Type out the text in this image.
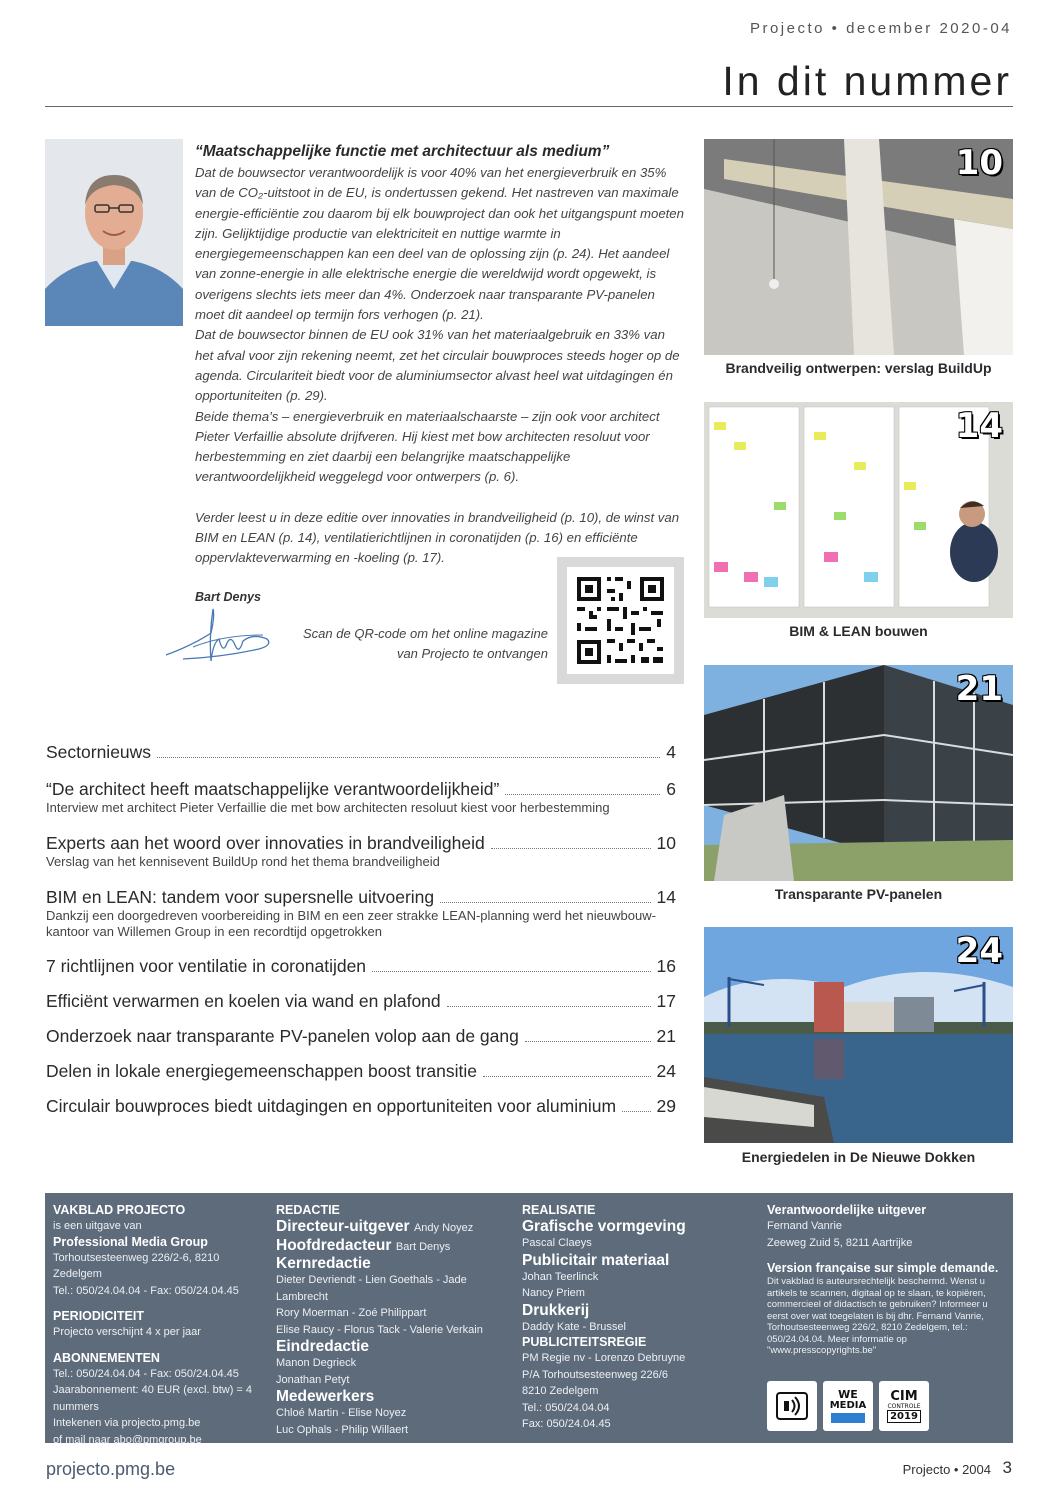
Projecto • december 2020-04
In dit nummer
“Maatschappelijke functie met architectuur als medium”

Dat de bouwsector verantwoordelijk is voor 40% van het energieverbruik en 35% van de CO₂-uitstoot in de EU, is ondertussen gekend. Het nastreven van maximale energie-efficiëntie zou daarom bij elk bouwproject dan ook het uitgangspunt moeten zijn. Gelijktijdige productie van elektriciteit en nuttige warmte in energiegemeenschappen kan een deel van de oplossing zijn (p. 24). Het aandeel van zonne-energie in alle elektrische energie die wereldwijd wordt opgewekt, is overigens slechts iets meer dan 4%. Onderzoek naar transparante PV-panelen moet dit aandeel op termijn fors verhogen (p. 21).

Dat de bouwsector binnen de EU ook 31% van het materiaalgebruik en 33% van het afval voor zijn rekening neemt, zet het circulair bouwproces steeds hoger op de agenda. Circulariteit biedt voor de aluminiumsector alvast heel wat uitdagingen én opportuniteiten (p. 29).

Beide thema’s – energieverbruik en materiaalschaarste – zijn ook voor architect Pieter Verfaillie absolute drijfveren. Hij kiest met bow architecten resoluut voor herbestemming en ziet daarbij een belangrijke maatschappelijke verantwoordelijkheid weggelegd voor ontwerpers (p. 6).

Verder leest u in deze editie over innovaties in brandveiligheid (p. 10), de winst van BIM en LEAN (p. 14), ventilatierichtlijnen in coronatijden (p. 16) en efficiënte oppervlakteverwarming en -koeling (p. 17).

Bart Denys
Scan de QR-code om het online magazine van Projecto te ontvangen
10
Brandveilig ontwerpen: verslag BuildUp
14
BIM & LEAN bouwen
21
Transparante PV-panelen
24
Energiedelen in De Nieuwe Dokken
Sectornieuws	4
“De architect heeft maatschappelijke verantwoordelijkheid”	6
Interview met architect Pieter Verfaillie die met bow architecten resoluut kiest voor herbestemming
Experts aan het woord over innovaties in brandveiligheid	10
Verslag van het kennisevent BuildUp rond het thema brandveiligheid
BIM en LEAN: tandem voor supersnelle uitvoering	14
Dankzij een doorgedreven voorbereiding in BIM en een zeer strakke LEAN-planning werd het nieuwbouw-kantoor van Willemen Group in een recordtijd opgetrokken
7 richtlijnen voor ventilatie in coronatijden	16
Efficiënt verwarmen en koelen via wand en plafond	17
Onderzoek naar transparante PV-panelen volop aan de gang	21
Delen in lokale energiegemeenschappen boost transitie	24
Circulair bouwproces biedt uitdagingen en opportuniteiten voor aluminium 29
VAKBLAD PROJECTO
is een uitgave van
Professional Media Group
Torhoutsesteenweg 226/2-6, 8210 Zedelgem
Tel.: 050/24.04.04 - Fax: 050/24.04.45
PERIODICITEIT
Projecto verschijnt 4 x per jaar
ABONNEMENTEN
Tel.: 050/24.04.04 - Fax: 050/24.04.45
Jaarabonnement: 40 EUR (excl. btw) = 4 nummers
Intekenen via projecto.pmg.be
of mail naar abo@pmgroup.be
REDACTIE
Directeur-uitgever Andy Noyez
Hoofdredacteur Bart Denys
Kernredactie
Dieter Devriendt - Lien Goethals - Jade Lambrecht
Rory Moerman - Zoé Philippart
Elise Raucy - Florus Tack - Valerie Verkain
Eindredactie
Manon Degrieck
Jonathan Petyt
Medewerkers
Chloé Martin - Elise Noyez
Luc Ophals - Philip Willaert
REALISATIE
Grafische vormgeving
Pascal Claeys
Publicitair materiaal
Johan Teerlinck
Nancy Priem
Drukkerij
Daddy Kate - Brussel
PUBLICITEITSREGIE
PM Regie nv - Lorenzo Debruyne
P/A Torhoutsesteenweg 226/6
8210 Zedelgem
Tel.: 050/24.04.04
Fax: 050/24.04.45
Verantwoordelijke uitgever
Fernand Vanrie
Zeeweg Zuid 5, 8211 Aartrijke
Version française sur simple demande.
Dit vakblad is auteursrechtelijk beschermd. Wenst u artikels te scannen, digitaal op te slaan, te kopiëren, commercieel of didactisch te gebruiken? Informeer u eerst over wat toegelaten is bij dhr. Fernand Vanrie, Torhoutsesteenweg 226/2, 8210 Zedelgem, tel.: 050/24.04.04. Meer informatie op "www.presscopyrights.be"
WE
MEDIA
CIM
CONTROLE
2019
projecto.pmg.be	Projecto • 2004 3
